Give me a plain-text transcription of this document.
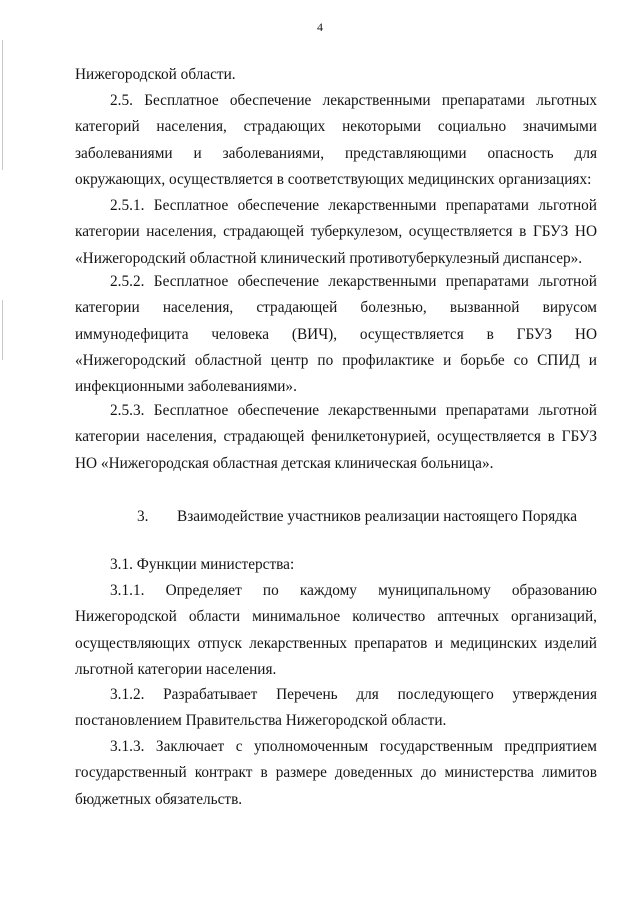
4

Нижегородской области.

2.5. Бесплатное обеспечение лекарственными препаратами льготных категорий населения, страдающих некоторыми социально значимыми заболеваниями и заболеваниями, представляющими опасность для окружающих, осуществляется в соответствующих медицинских организациях:

2.5.1. Бесплатное обеспечение лекарственными препаратами льготной категории населения, страдающей туберкулезом, осуществляется в ГБУЗ НО «Нижегородский областной клинический противотуберкулезный диспансер».

2.5.2. Бесплатное обеспечение лекарственными препаратами льготной категории населения, страдающей болезнью, вызванной вирусом иммунодефицита человека (ВИЧ), осуществляется в ГБУЗ НО «Нижегородский областной центр по профилактике и борьбе со СПИД и инфекционными заболеваниями».

2.5.3. Бесплатное обеспечение лекарственными препаратами льготной категории населения, страдающей фенилкетонурией, осуществляется в ГБУЗ НО «Нижегородская областная детская клиническая больница».

3. Взаимодействие участников реализации настоящего Порядка

3.1. Функции министерства:

3.1.1. Определяет по каждому муниципальному образованию Нижегородской области минимальное количество аптечных организаций, осуществляющих отпуск лекарственных препаратов и медицинских изделий льготной категории населения.

3.1.2. Разрабатывает Перечень для последующего утверждения постановлением Правительства Нижегородской области.

3.1.3. Заключает с уполномоченным государственным предприятием государственный контракт в размере доведенных до министерства лимитов бюджетных обязательств.
